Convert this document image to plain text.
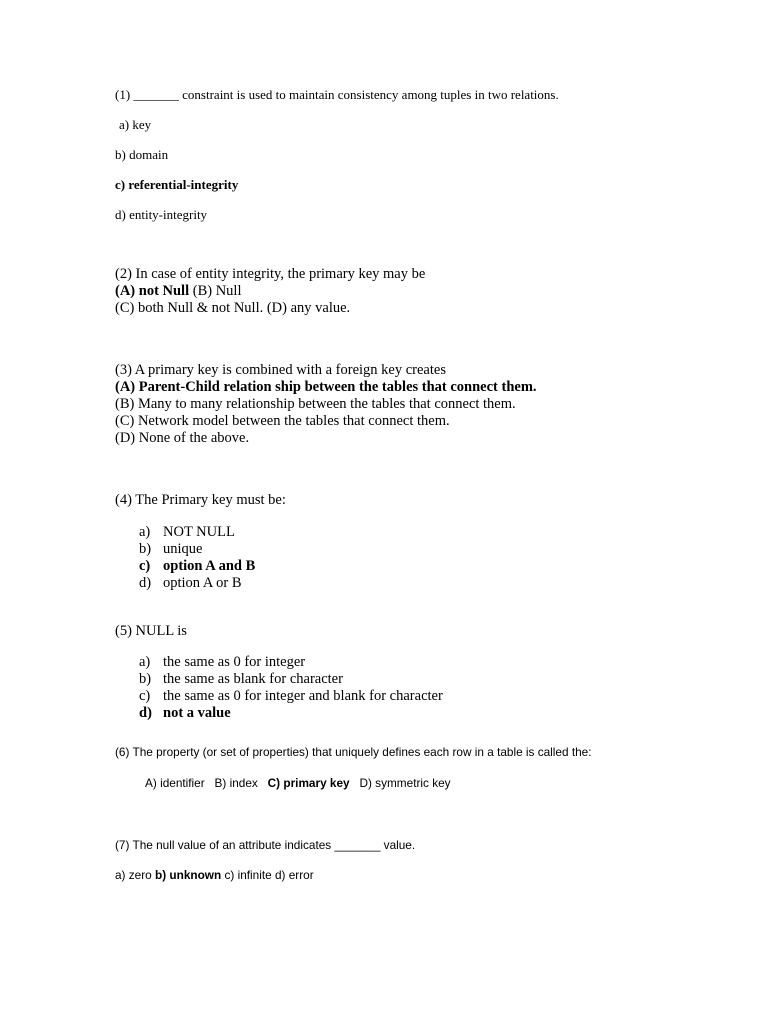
(1) _______ constraint is used to maintain consistency among tuples in two relations.
a) key
b) domain
c) referential-integrity
d) entity-integrity
(2) In case of entity integrity, the primary key may be
(A) not Null (B) Null
(C) both Null & not Null. (D) any value.
(3) A primary key is combined with a foreign key creates
(A) Parent-Child relation ship between the tables that connect them.
(B) Many to many relationship between the tables that connect them.
(C) Network model between the tables that connect them.
(D) None of the above.
(4) The Primary key must be:
a) NOT NULL
b) unique
c) option A and B
d) option A or B
(5) NULL is
a) the same as 0 for integer
b) the same as blank for character
c) the same as 0 for integer and blank for character
d) not a value
(6) The property (or set of properties) that uniquely defines each row in a table is called the:
A) identifier B) index C) primary key D) symmetric key
(7) The null value of an attribute indicates _______ value.
a) zero b) unknown c) infinite d) error
